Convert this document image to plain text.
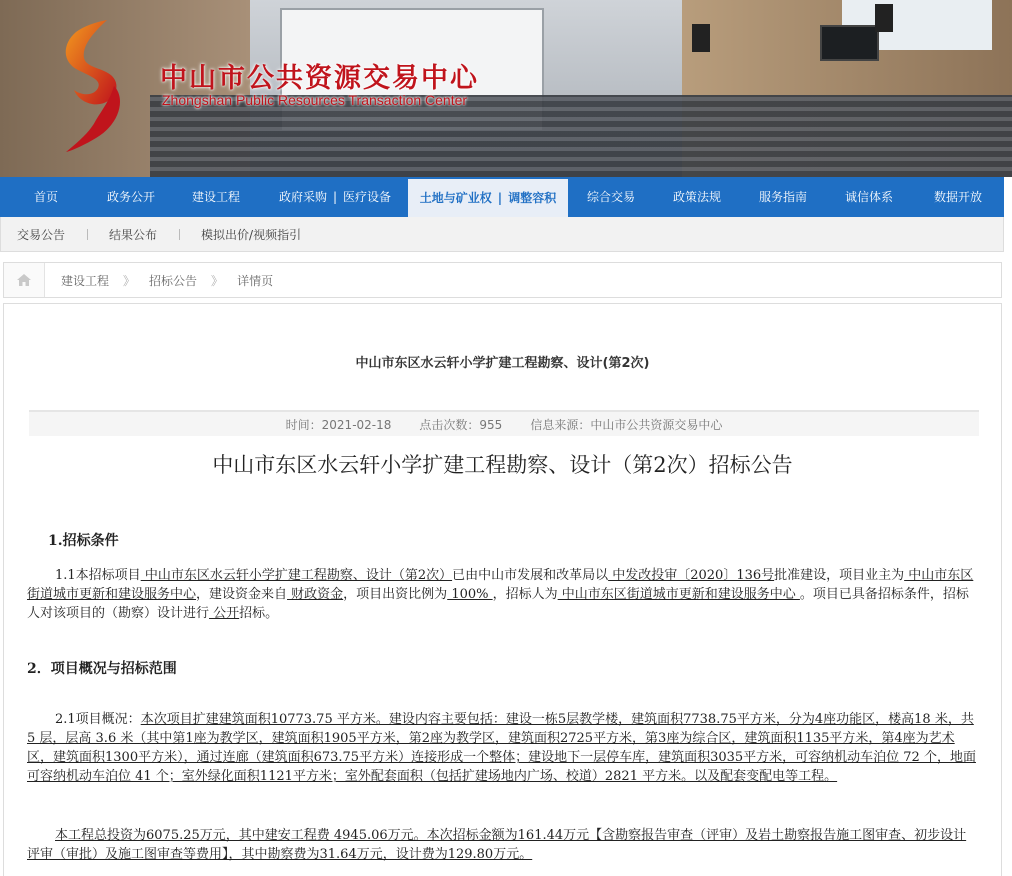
中山市公共资源交易中心
Zhongshan Public Resources Transaction Center
首页	政务公开	建设工程	政府采购 | 医疗设备	土地与矿业权 | 调整容积	综合交易	政策法规	服务指南	诚信体系	数据开放
交易公告	结果公布	模拟出价/视频指引
建设工程 》 招标公告 》 详情页
中山市东区水云轩小学扩建工程勘察、设计(第2次)
时间：2021-02-18 点击次数：955 信息来源：中山市公共资源交易中心
中山市东区水云轩小学扩建工程勘察、设计（第2次）招标公告
1.招标条件
1.1本招标项目 中山市东区水云轩小学扩建工程勘察、设计（第2次）已由中山市发展和改革局以 中发改投审〔2020〕136号批准建设，项目业主为 中山市东区街道城市更新和建设服务中心，建设资金来自 财政资金，项目出资比例为 100% ，招标人为 中山市东区街道城市更新和建设服务中心 。项目已具备招标条件，招标人对该项目的（勘察）设计进行 公开招标。
2．项目概况与招标范围
2.1项目概况：本次项目扩建建筑面积10773.75 平方米。建设内容主要包括：建设一栋5层教学楼，建筑面积7738.75平方米，分为4座功能区，楼高18 米，共 5 层，层高 3.6 米（其中第1座为教学区，建筑面积1905平方米，第2座为教学区，建筑面积2725平方米，第3座为综合区，建筑面积1135平方米，第4座为艺术区，建筑面积1300平方米），通过连廊（建筑面积673.75平方米）连接形成一个整体；建设地下一层停车库，建筑面积3035平方米，可容纳机动车泊位 72 个，地面可容纳机动车泊位 41 个；室外绿化面积1121平方米；室外配套面积（包括扩建场地内广场、校道）2821 平方米。以及配套变配电等工程。
本工程总投资为6075.25万元，其中建安工程费 4945.06万元。本次招标金额为161.44万元【含勘察报告审查（评审）及岩土勘察报告施工图审查、初步设计评审（审批）及施工图审查等费用】，其中勘察费为31.64万元，设计费为129.80万元。
